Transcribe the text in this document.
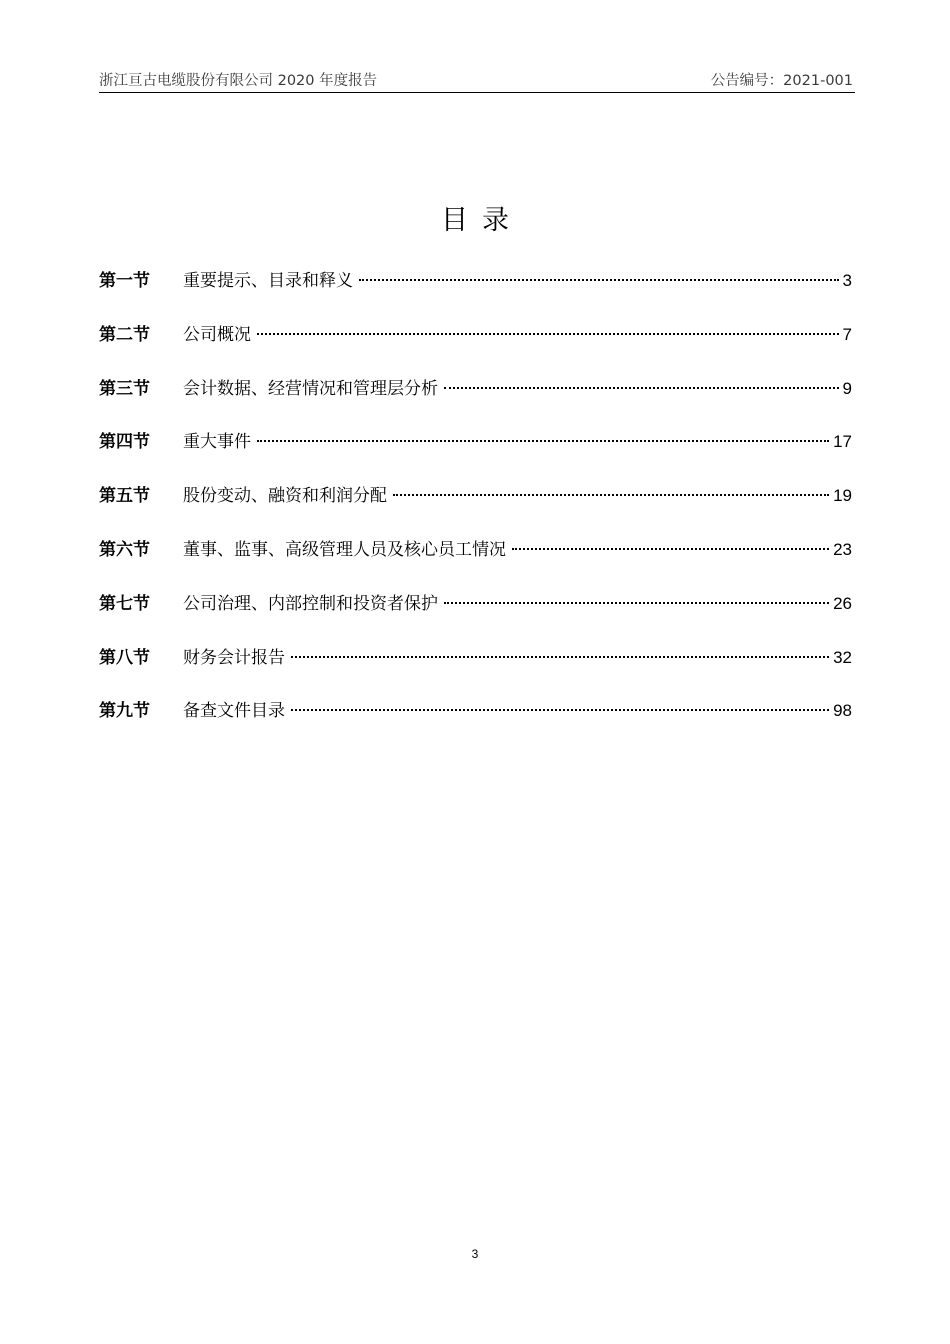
浙江亘古电缆股份有限公司 2020 年度报告	公告编号：2021-001
目录
第一节	重要提示、目录和释义	3
第二节	公司概况	7
第三节	会计数据、经营情况和管理层分析	9
第四节	重大事件	17
第五节	股份变动、融资和利润分配	19
第六节	董事、监事、高级管理人员及核心员工情况	23
第七节	公司治理、内部控制和投资者保护	26
第八节	财务会计报告	32
第九节	备查文件目录	98
3
